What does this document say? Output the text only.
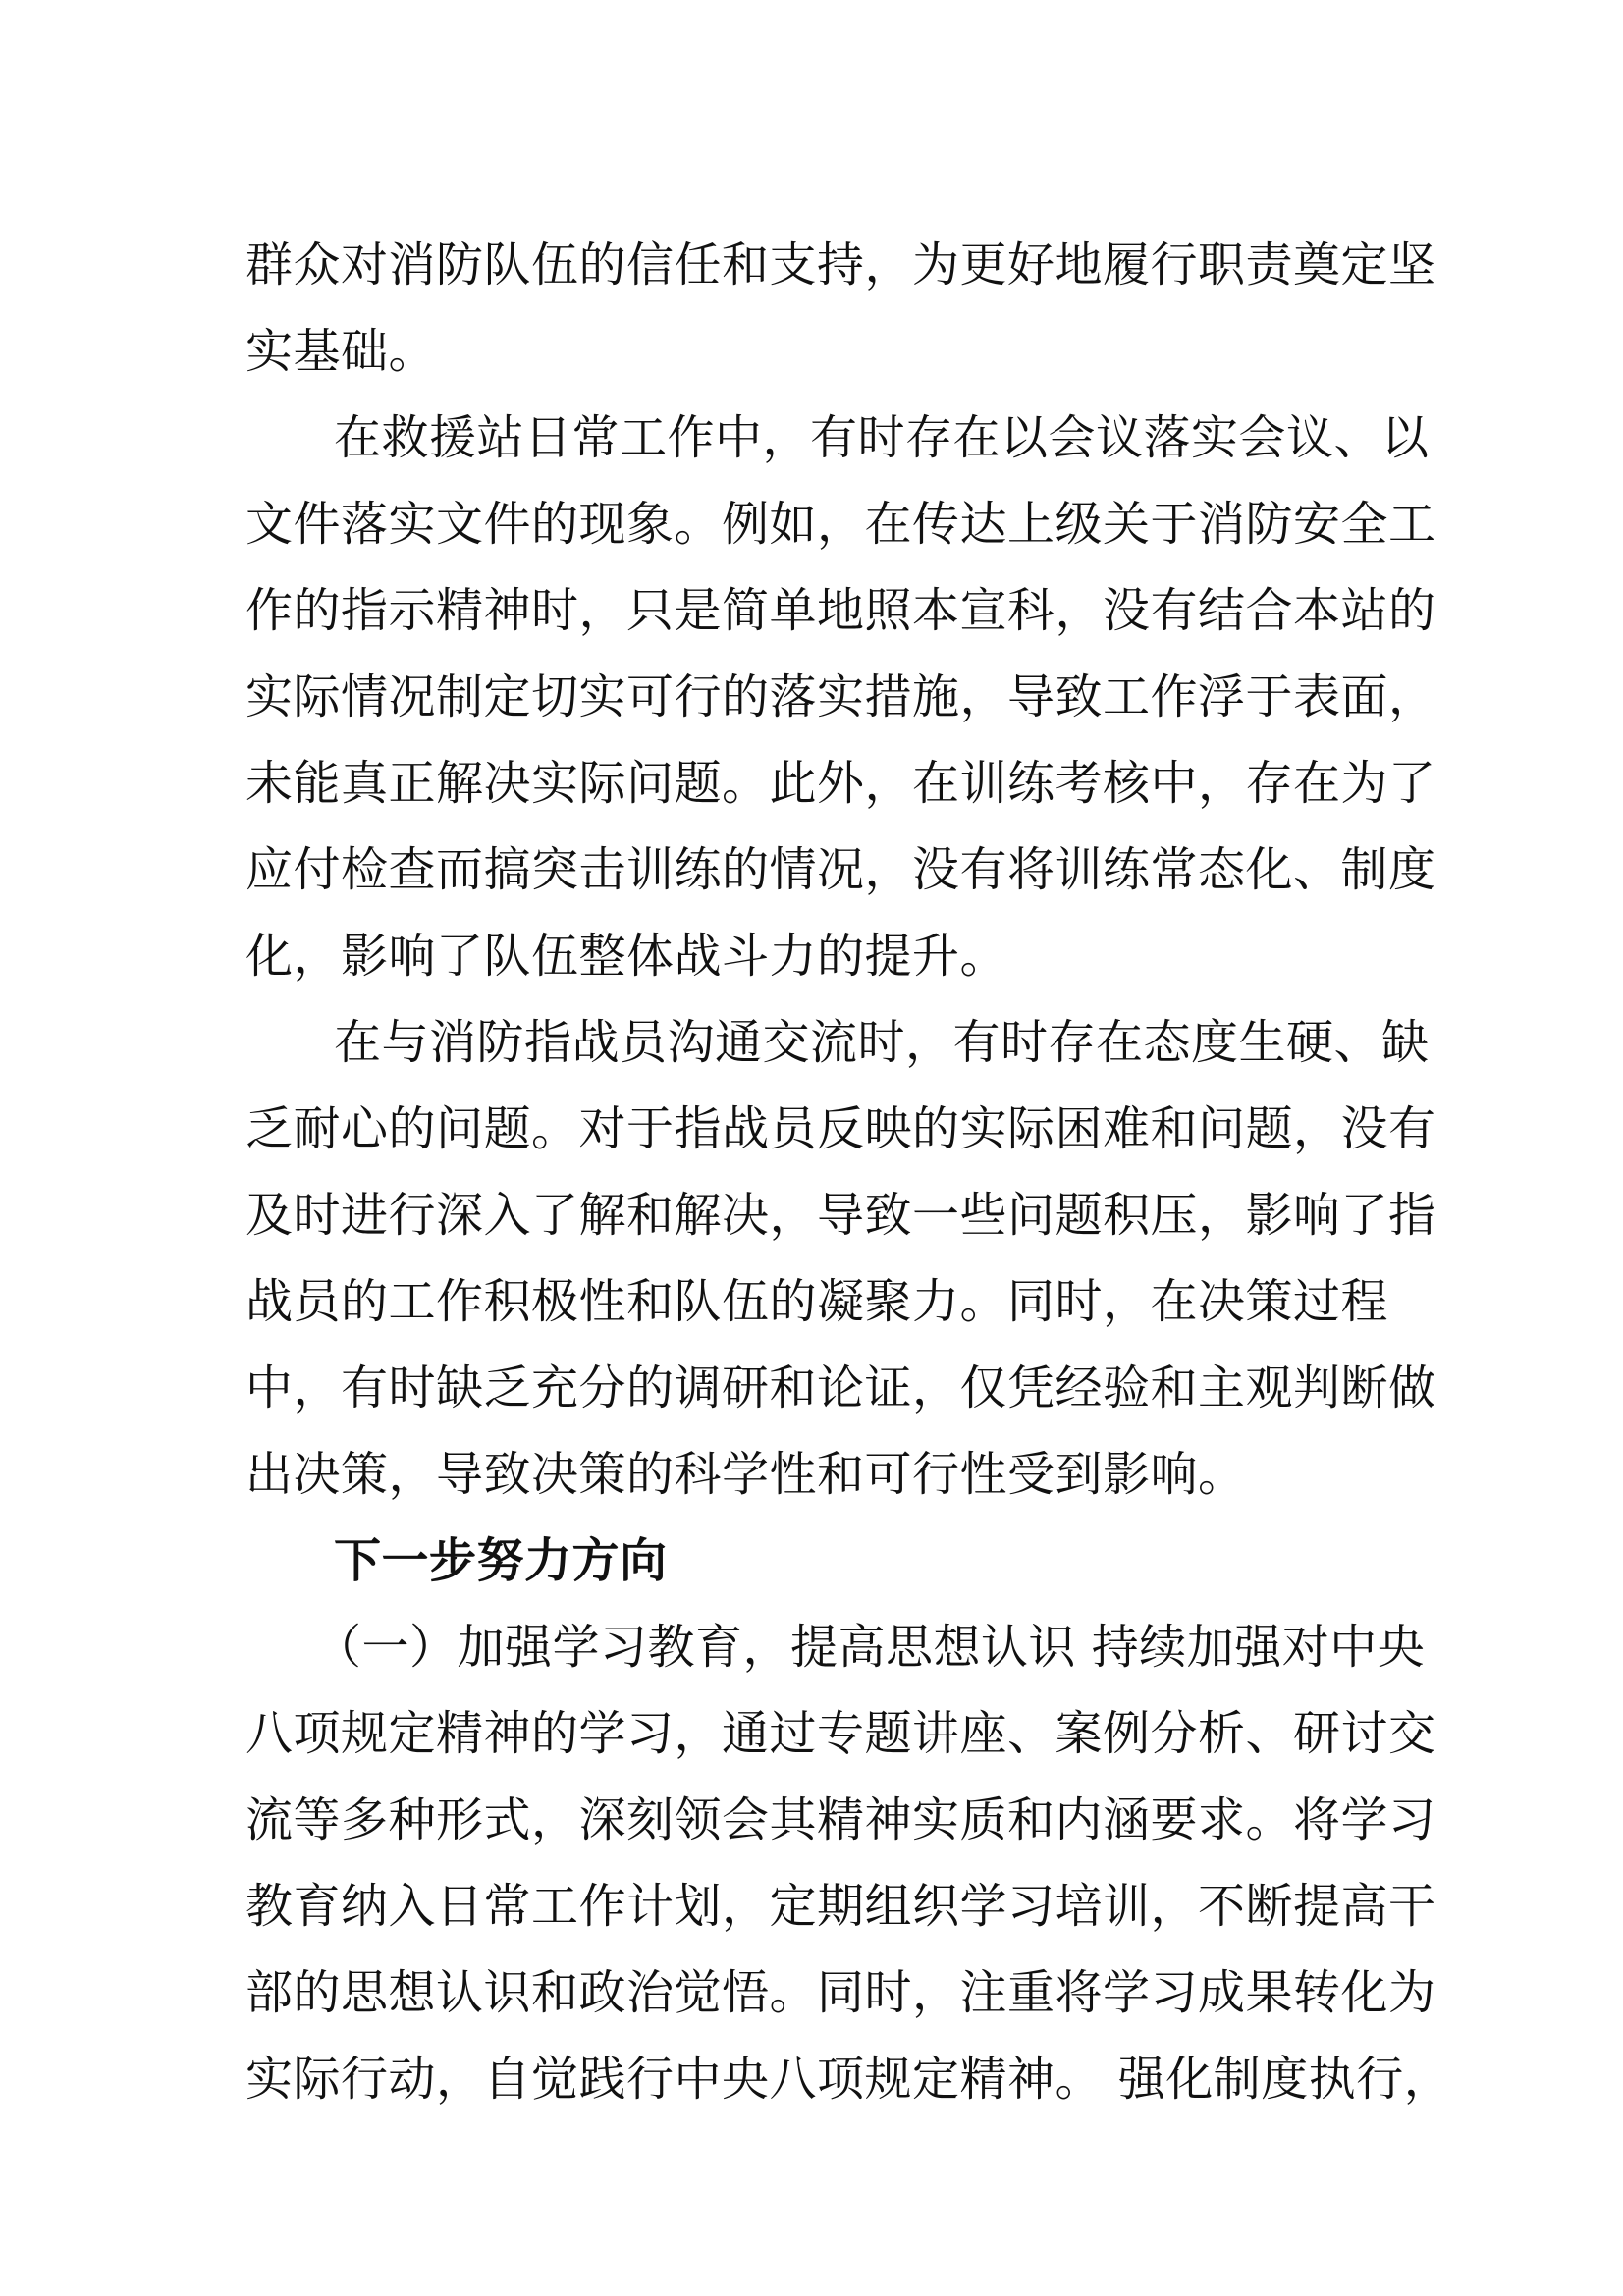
群众对消防队伍的信任和支持，为更好地履行职责奠定坚
实基础。
在救援站日常工作中，有时存在以会议落实会议、以
文件落实文件的现象。例如，在传达上级关于消防安全工
作的指示精神时，只是简单地照本宣科，没有结合本站的
实际情况制定切实可行的落实措施，导致工作浮于表面，
未能真正解决实际问题。此外，在训练考核中，存在为了
应付检查而搞突击训练的情况，没有将训练常态化、制度
化，影响了队伍整体战斗力的提升。
在与消防指战员沟通交流时，有时存在态度生硬、缺
乏耐心的问题。对于指战员反映的实际困难和问题，没有
及时进行深入了解和解决，导致一些问题积压，影响了指
战员的工作积极性和队伍的凝聚力。同时，在决策过程
中，有时缺乏充分的调研和论证，仅凭经验和主观判断做
出决策，导致决策的科学性和可行性受到影响。
下一步努力方向
（一）加强学习教育，提高思想认识 持续加强对中央
八项规定精神的学习，通过专题讲座、案例分析、研讨交
流等多种形式，深刻领会其精神实质和内涵要求。将学习
教育纳入日常工作计划，定期组织学习培训，不断提高干
部的思想认识和政治觉悟。同时，注重将学习成果转化为
实际行动，自觉践行中央八项规定精神。 强化制度执行，
